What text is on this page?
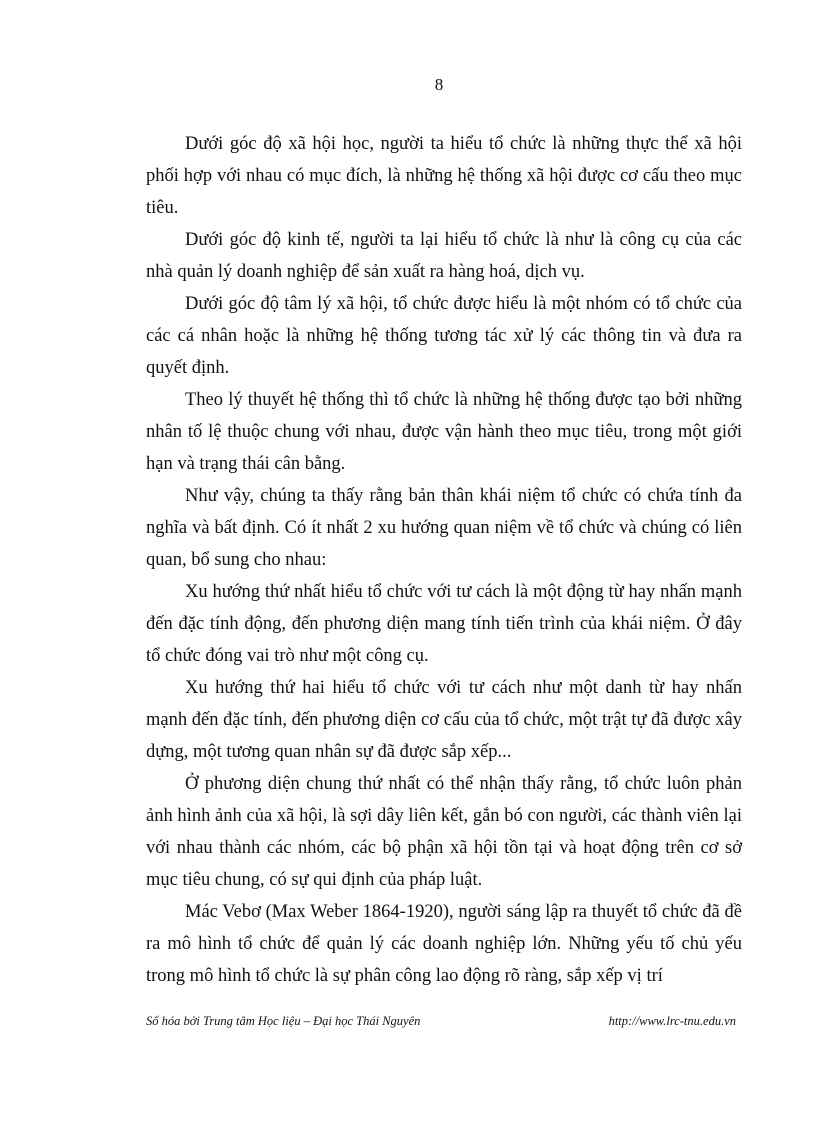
8

Dưới góc độ xã hội học, người ta hiểu tổ chức là những thực thể xã hội phối hợp với nhau có mục đích, là những hệ thống xã hội được cơ cấu theo mục tiêu.

Dưới góc độ kinh tế, người ta lại hiểu tổ chức là như là công cụ của các nhà quản lý doanh nghiệp để sản xuất ra hàng hoá, dịch vụ.

Dưới góc độ tâm lý xã hội, tổ chức được hiểu là một nhóm có tổ chức của các cá nhân hoặc là những hệ thống tương tác xử lý các thông tin và đưa ra quyết định.

Theo lý thuyết hệ thống thì tổ chức là những hệ thống được tạo bởi những nhân tố lệ thuộc chung với nhau, được vận hành theo mục tiêu, trong một giới hạn và trạng thái cân bằng.

Như vậy, chúng ta thấy rằng bản thân khái niệm tổ chức có chứa tính đa nghĩa và bất định. Có ít nhất 2 xu hướng quan niệm về tổ chức và chúng có liên quan, bổ sung cho nhau:

Xu hướng thứ nhất hiểu tổ chức với tư cách là một động từ hay nhấn mạnh đến đặc tính động, đến phương diện mang tính tiến trình của khái niệm. Ở đây tổ chức đóng vai trò như một công cụ.

Xu hướng thứ hai hiểu tổ chức với tư cách như một danh từ hay nhấn mạnh đến đặc tính, đến phương diện cơ cấu của tổ chức, một trật tự đã được xây dựng, một tương quan nhân sự đã được sắp xếp...

Ở phương diện chung thứ nhất có thể nhận thấy rằng, tổ chức luôn phản ảnh hình ảnh của xã hội, là sợi dây liên kết, gắn bó con người, các thành viên lại với nhau thành các nhóm, các bộ phận xã hội tồn tại và hoạt động trên cơ sở mục tiêu chung, có sự qui định của pháp luật.

Mác Vebơ (Max Weber 1864-1920), người sáng lập ra thuyết tổ chức đã đề ra mô hình tổ chức để quản lý các doanh nghiệp lớn. Những yếu tố chủ yếu trong mô hình tổ chức là sự phân công lao động rõ ràng, sắp xếp vị trí

Số hóa bởi Trung tâm Học liệu – Đại học Thái Nguyên	http://www.lrc-tnu.edu.vn
